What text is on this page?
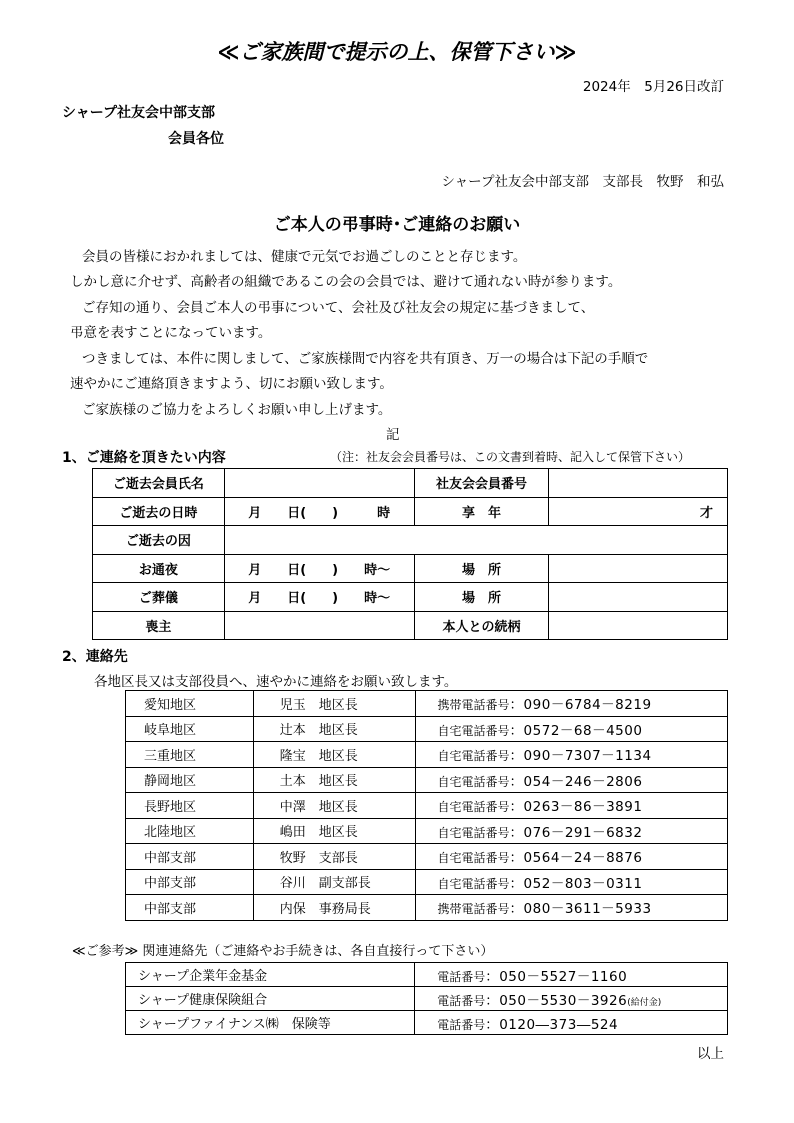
≪ご家族間で提示の上、保管下さい≫
2024年　5月26日改訂
シャープ社友会中部支部
会員各位
シャープ社友会中部支部　支部長　牧野　和弘
ご本人の弔事時･ご連絡のお願い
会員の皆様におかれましては、健康で元気でお過ごしのことと存じます。
しかし意に介せず、高齢者の組織であるこの会の会員では、避けて通れない時が参ります。
ご存知の通り、会員ご本人の弔事について、会社及び社友会の規定に基づきまして、
弔意を表すことになっています。
つきましては、本件に関しまして、ご家族様間で内容を共有頂き、万一の場合は下記の手順で
速やかにご連絡頂きますよう、切にお願い致します。
ご家族様のご協力をよろしくお願い申し上げます。
記
1、ご連絡を頂きたい内容	（注：社友会会員番号は、この文書到着時、記入して保管下さい）
ご逝去会員氏名		社友会会員番号	
ご逝去の日時	月　　日(　　)　　　時	享　年	才
ご逝去の因			
お通夜	月　　日(　　)　　時～	場　所	
ご葬儀	月　　日(　　)　　時～	場　所	
喪主		本人との続柄	
2、連絡先
各地区長又は支部役員へ、速やかに連絡をお願い致します。
愛知地区	児玉　地区長	携帯電話番号：090－6784－8219
岐阜地区	辻本　地区長	自宅電話番号：0572－68－4500
三重地区	隆宝　地区長	自宅電話番号：090－7307－1134
静岡地区	土本　地区長	自宅電話番号：054－246－2806
長野地区	中澤　地区長	自宅電話番号：0263－86－3891
北陸地区	嶋田　地区長	自宅電話番号：076－291－6832
中部支部	牧野　支部長	自宅電話番号：0564－24－8876
中部支部	谷川　副支部長	自宅電話番号：052－803－0311
中部支部	内保　事務局長	携帯電話番号：080－3611－5933
≪ご参考≫ 関連連絡先（ご連絡やお手続きは、各自直接行って下さい）
シャープ企業年金基金	電話番号：050－5527－1160
シャープ健康保険組合	電話番号：050－5530－3926(給付金)
シャープファイナンス㈱　保険等	電話番号：0120―373―524
以上
